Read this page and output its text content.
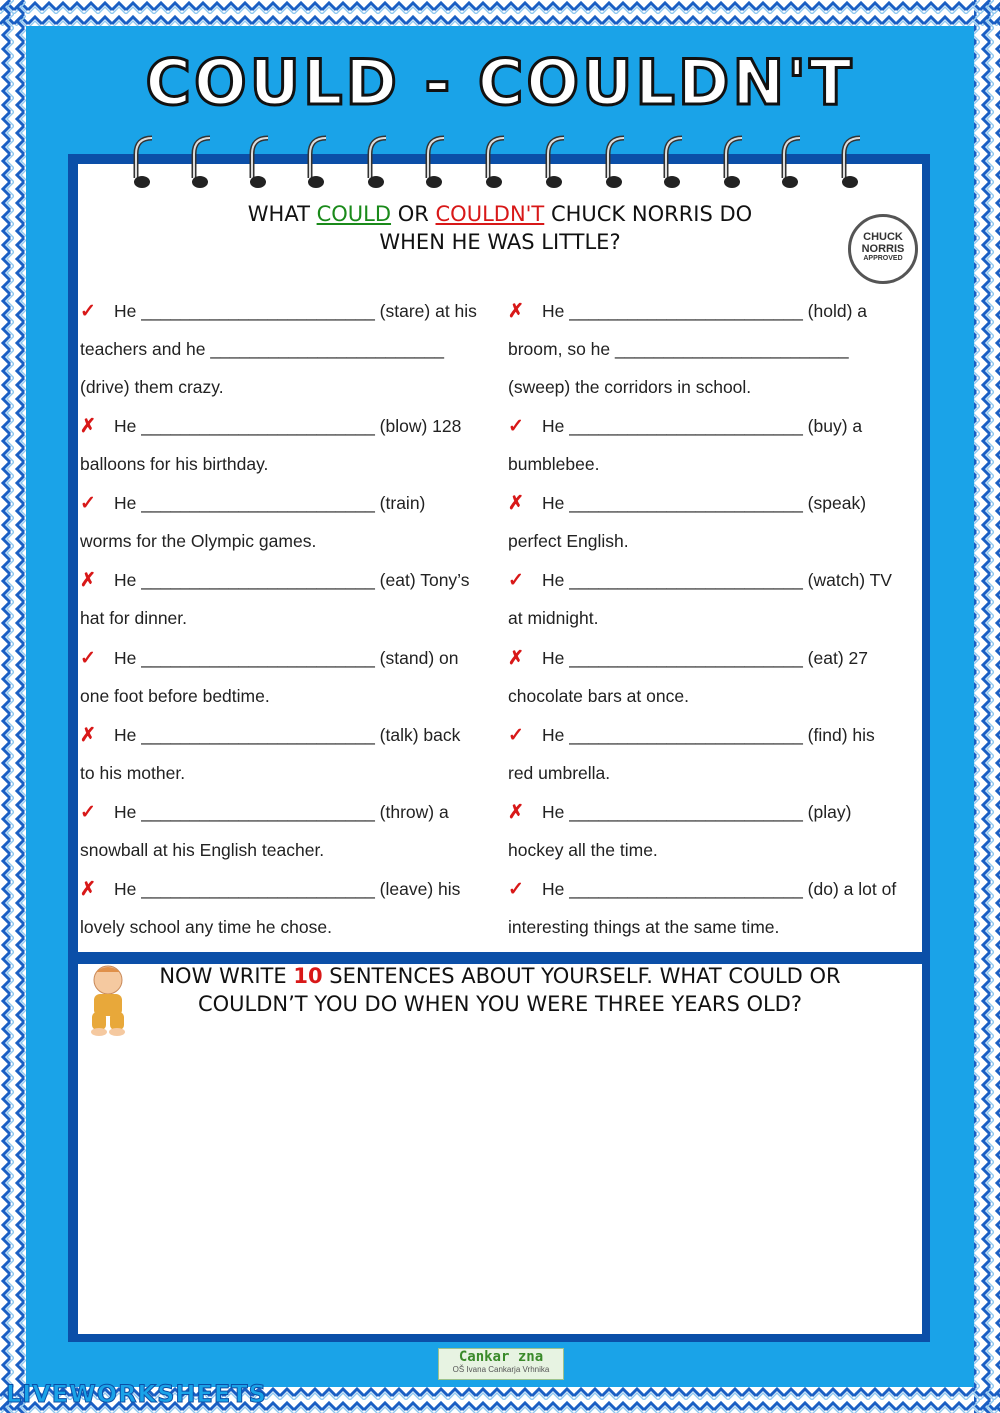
COULD - COULDN'T
WHAT COULD OR COULDN'T CHUCK NORRIS DO
WHEN HE WAS LITTLE?	CHUCK
NORRIS
APPROVED
✓ He ________________________ (stare) at his
teachers and he ________________________
(drive) them crazy.
✗ He ________________________ (blow) 128
balloons for his birthday.
✓ He ________________________ (train)
worms for the Olympic games.
✗ He ________________________ (eat) Tony’s
hat for dinner.
✓ He ________________________ (stand) on
one foot before bedtime.
✗ He ________________________ (talk) back
to his mother.
✓ He ________________________ (throw) a
snowball at his English teacher.
✗ He ________________________ (leave) his
lovely school any time he chose.
✗ He ________________________ (hold) a
broom, so he ________________________
(sweep) the corridors in school.
✓ He ________________________ (buy) a
bumblebee.
✗ He ________________________ (speak)
perfect English.
✓ He ________________________ (watch) TV
at midnight.
✗ He ________________________ (eat) 27
chocolate bars at once.
✓ He ________________________ (find) his
red umbrella.
✗ He ________________________ (play)
hockey all the time.
✓ He ________________________ (do) a lot of
interesting things at the same time.
NOW WRITE 10 SENTENCES ABOUT YOURSELF. WHAT COULD OR
COULDN’T YOU DO WHEN YOU WERE THREE YEARS OLD?
Cankar zna
OŠ Ivana Cankarja Vrhnika
LIVEWORKSHEETS
